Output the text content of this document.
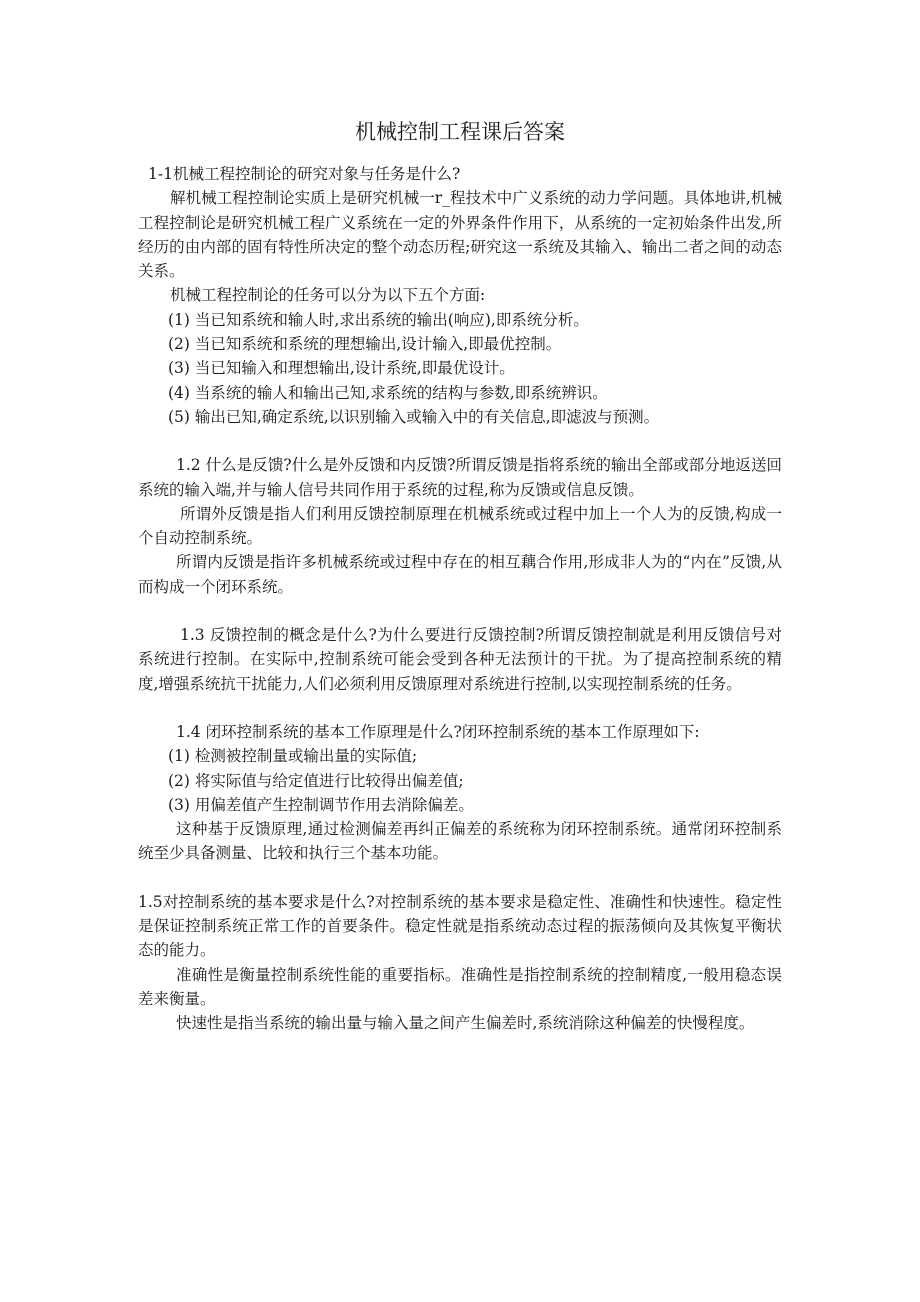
机械控制工程课后答案

1-1机械工程控制论的研究对象与任务是什么?

解机械工程控制论实质上是研究机械一r_程技术中广义系统的动力学问题。具体地讲,机械工程控制论是研究机械工程广义系统在一定的外界条件作用下，从系统的一定初始条件出发,所经历的由内部的固有特性所决定的整个动态历程;研究这一系统及其输入、输出二者之间的动态关系。

机械工程控制论的任务可以分为以下五个方面:

(1) 当已知系统和输人时,求出系统的输出(响应),即系统分析。

(2) 当已知系统和系统的理想输出,设计输入,即最优控制。

(3) 当已知输入和理想输出,设计系统,即最优设计。

(4) 当系统的输人和输出己知,求系统的结构与参数,即系统辨识。

(5) 输出已知,确定系统,以识别输入或输入中的有关信息,即滤波与预测。

1.2 什么是反馈?什么是外反馈和内反馈?所谓反馈是指将系统的输出全部或部分地返送回系统的输入端,并与输人信号共同作用于系统的过程,称为反馈或信息反馈。

所谓外反馈是指人们利用反馈控制原理在机械系统或过程中加上一个人为的反馈,构成一个自动控制系统。

所谓内反馈是指许多机械系统或过程中存在的相互藕合作用,形成非人为的“内在”反馈,从而构成一个闭环系统。

1.3 反馈控制的概念是什么?为什么要进行反馈控制?所谓反馈控制就是利用反馈信号对系统进行控制。在实际中,控制系统可能会受到各种无法预计的干扰。为了提高控制系统的精度,增强系统抗干扰能力,人们必须利用反馈原理对系统进行控制,以实现控制系统的任务。

1.4 闭环控制系统的基本工作原理是什么?闭环控制系统的基本工作原理如下:

(1) 检测被控制量或输出量的实际值;

(2) 将实际值与给定值进行比较得出偏差值;

(3) 用偏差值产生控制调节作用去消除偏差。

这种基于反馈原理,通过检测偏差再纠正偏差的系统称为闭环控制系统。通常闭环控制系统至少具备测量、比较和执行三个基本功能。

1.5对控制系统的基本要求是什么?对控制系统的基本要求是稳定性、准确性和快速性。稳定性是保证控制系统正常工作的首要条件。稳定性就是指系统动态过程的振荡倾向及其恢复平衡状态的能力。

准确性是衡量控制系统性能的重要指标。准确性是指控制系统的控制精度,一般用稳态误差来衡量。

快速性是指当系统的输出量与输入量之间产生偏差时,系统消除这种偏差的快慢程度。
